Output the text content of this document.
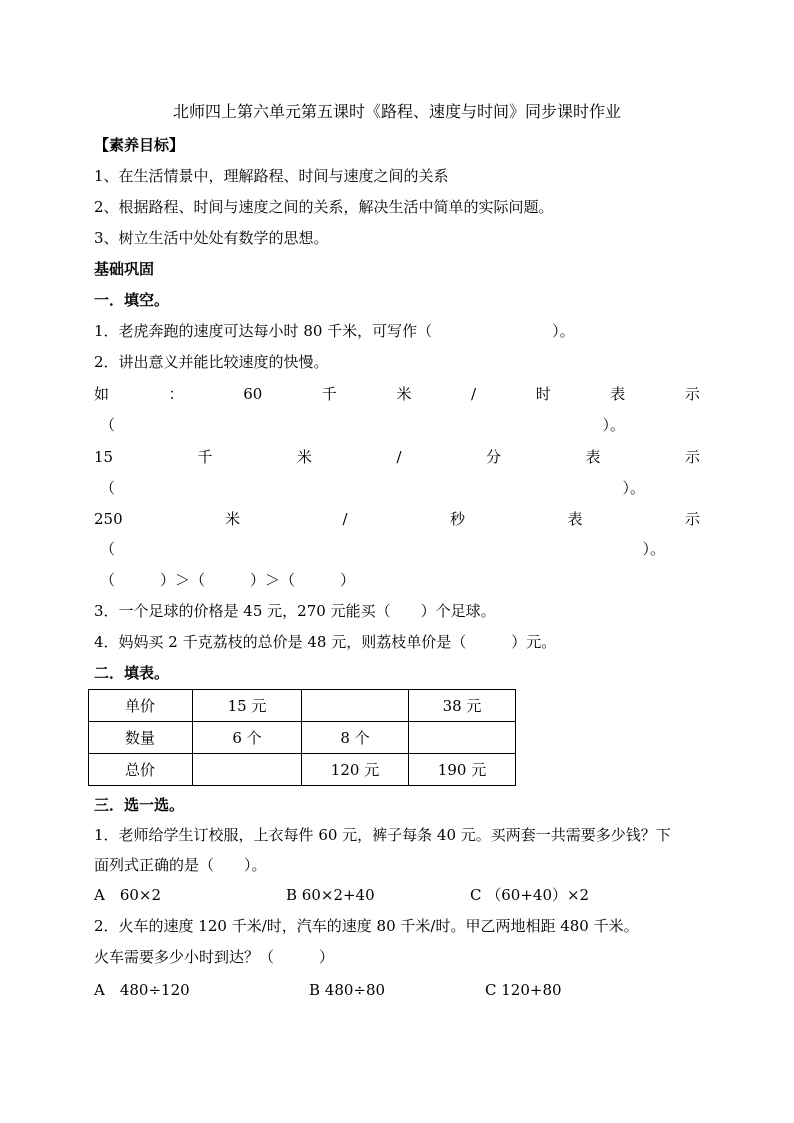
北师四上第六单元第五课时《路程、速度与时间》同步课时作业
【素养目标】
1、在生活情景中，理解路程、时间与速度之间的关系
2、根据路程、时间与速度之间的关系，解决生活中简单的实际问题。
3、树立生活中处处有数学的思想。
基础巩固
一．填空。
1．老虎奔跑的速度可达每小时 80 千米，可写作（　　　　　　　　）。
2．讲出意义并能比较速度的快慢。
如	：	60	千	米	/	时	表	示
（	）。
15	千	米	/	分	表	示
（	）。
250	米	/	秒	表	示
（	）。
（　　　）＞（　　　）＞（　　　）
3．一个足球的价格是 45 元，270 元能买（　　）个足球。
4．妈妈买 2 千克荔枝的总价是 48 元，则荔枝单价是（　　　）元。
二．填表。
单价	15 元		38 元
数量	6 个	8 个	
总价		120 元	190 元
三．选一选。
1．老师给学生订校服，上衣每件 60 元，裤子每条 40 元。买两套一共需要多少钱？下
面列式正确的是（　　）。
A　60×2	B 60×2+40	C （60+40）×2
2．火车的速度 120 千米/时，汽车的速度 80 千米/时。甲乙两地相距 480 千米。
火车需要多少小时到达？（　　　）
A　480÷120	B 480÷80	C 120+80
